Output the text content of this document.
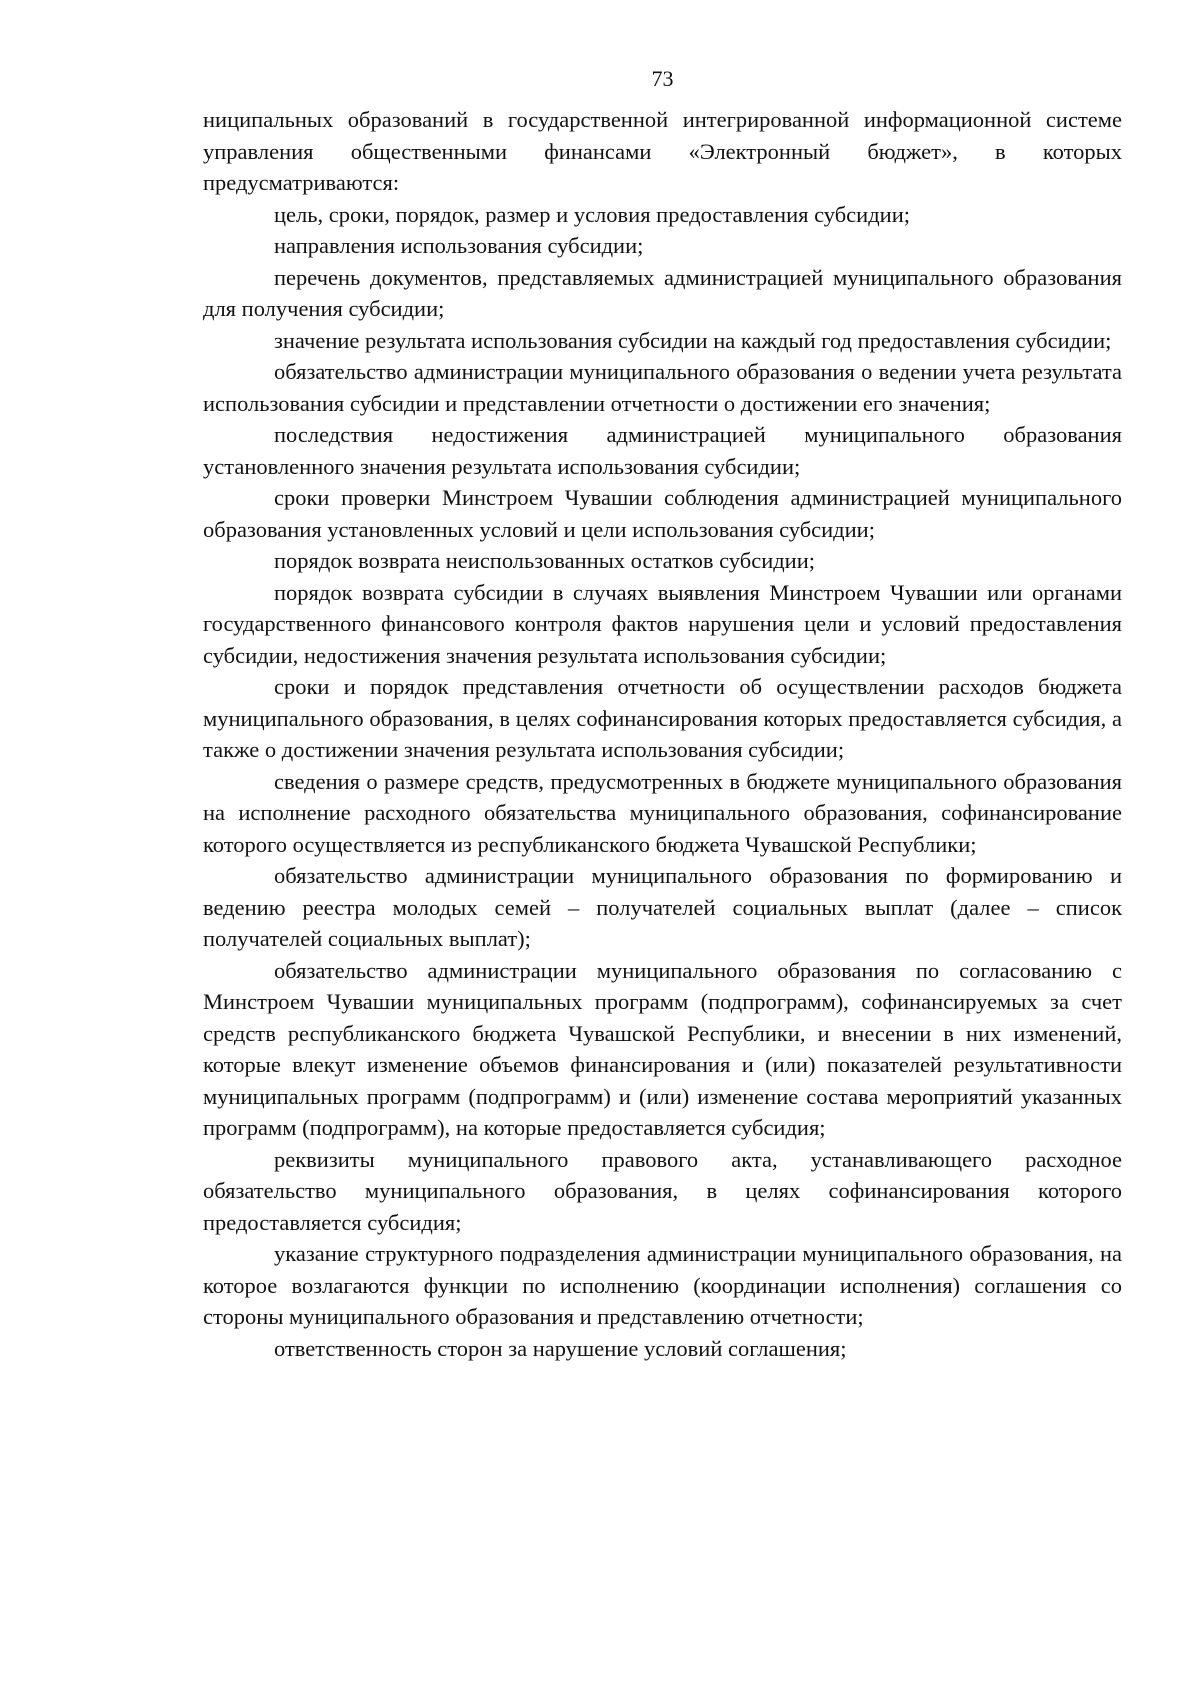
73

ниципальных образований в государственной интегрированной информационной системе управления общественными финансами «Электронный бюджет», в которых предусматриваются:

цель, сроки, порядок, размер и условия предоставления субсидии;

направления использования субсидии;

перечень документов, представляемых администрацией муниципального образования для получения субсидии;

значение результата использования субсидии на каждый год предоставления субсидии;

обязательство администрации муниципального образования о ведении учета результата использования субсидии и представлении отчетности о достижении его значения;

последствия недостижения администрацией муниципального образования установленного значения результата использования субсидии;

сроки проверки Минстроем Чувашии соблюдения администрацией муниципального образования установленных условий и цели использования субсидии;

порядок возврата неиспользованных остатков субсидии;

порядок возврата субсидии в случаях выявления Минстроем Чувашии или органами государственного финансового контроля фактов нарушения цели и условий предоставления субсидии, недостижения значения результата использования субсидии;

сроки и порядок представления отчетности об осуществлении расходов бюджета муниципального образования, в целях софинансирования которых предоставляется субсидия, а также о достижении значения результата использования субсидии;

сведения о размере средств, предусмотренных в бюджете муниципального образования на исполнение расходного обязательства муниципального образования, софинансирование которого осуществляется из республиканского бюджета Чувашской Республики;

обязательство администрации муниципального образования по формированию и ведению реестра молодых семей – получателей социальных выплат (далее – список получателей социальных выплат);

обязательство администрации муниципального образования по согласованию с Минстроем Чувашии муниципальных программ (подпрограмм), софинансируемых за счет средств республиканского бюджета Чувашской Республики, и внесении в них изменений, которые влекут изменение объемов финансирования и (или) показателей результативности муниципальных программ (подпрограмм) и (или) изменение состава мероприятий указанных программ (подпрограмм), на которые предоставляется субсидия;

реквизиты муниципального правового акта, устанавливающего расходное обязательство муниципального образования, в целях софинансирования которого предоставляется субсидия;

указание структурного подразделения администрации муниципального образования, на которое возлагаются функции по исполнению (координации исполнения) соглашения со стороны муниципального образования и представлению отчетности;

ответственность сторон за нарушение условий соглашения;
